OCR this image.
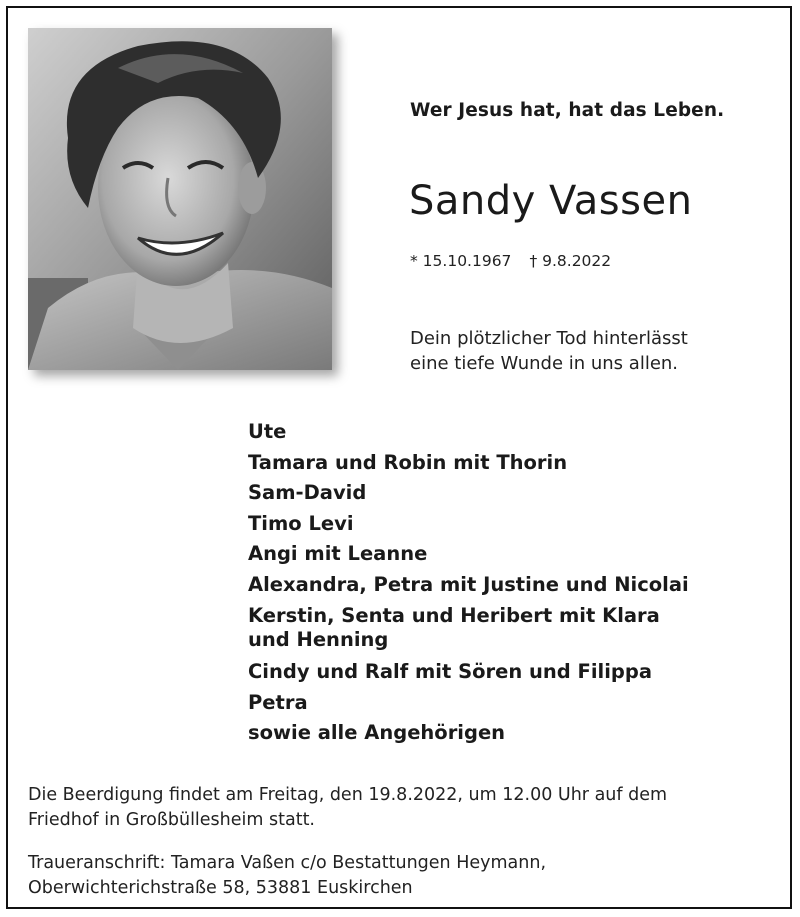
Wer Jesus hat, hat das Leben.
Sandy Vassen
* 15.10.1967 † 9.8.2022
Dein plötzlicher Tod hinterlässt
eine tiefe Wunde in uns allen.
Ute
Tamara und Robin mit Thorin
Sam-David
Timo Levi
Angi mit Leanne
Alexandra, Petra mit Justine und Nicolai
Kerstin, Senta und Heribert mit Klara
und Henning
Cindy und Ralf mit Sören und Filippa
Petra
sowie alle Angehörigen
Die Beerdigung findet am Freitag, den 19.8.2022, um 12.00 Uhr auf dem
Friedhof in Großbüllesheim statt.
Traueranschrift: Tamara Vaßen c/o Bestattungen Heymann,
Oberwichterichstraße 58, 53881 Euskirchen
